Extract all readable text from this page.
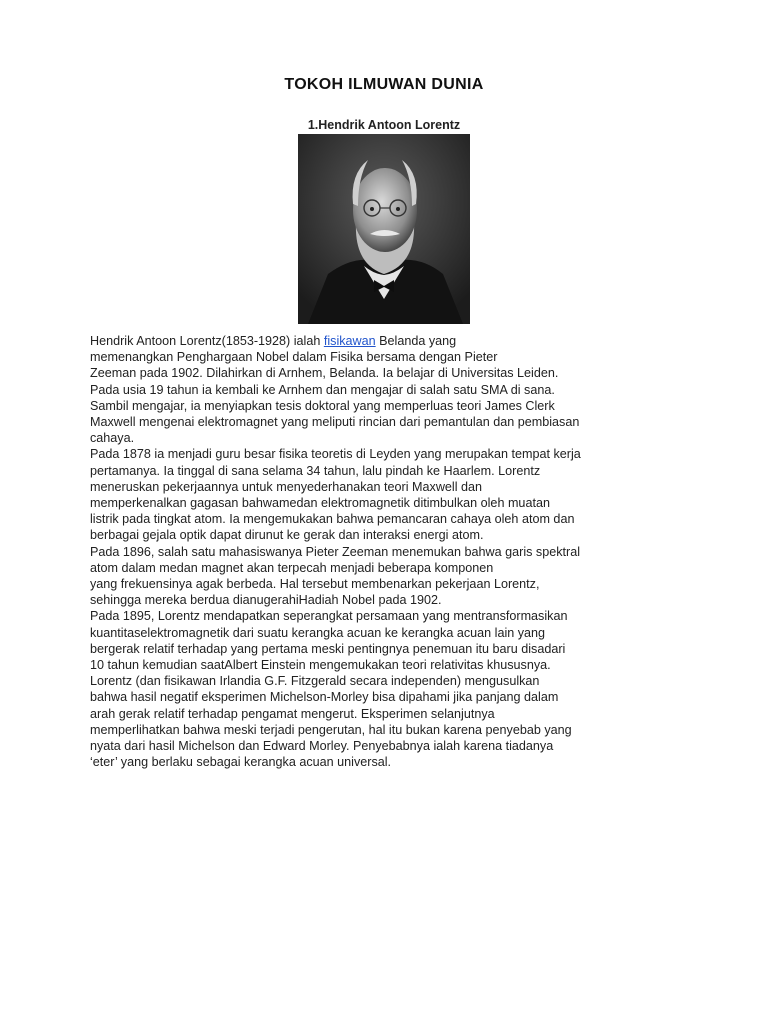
TOKOH ILMUWAN DUNIA
1.Hendrik Antoon Lorentz
Hendrik Antoon Lorentz(1853-1928) ialah fisikawan Belanda yang
memenangkan Penghargaan Nobel dalam Fisika bersama dengan Pieter
Zeeman pada 1902. Dilahirkan di Arnhem, Belanda. Ia belajar di Universitas Leiden.
Pada usia 19 tahun ia kembali ke Arnhem dan mengajar di salah satu SMA di sana.
Sambil mengajar, ia menyiapkan tesis doktoral yang memperluas teori James Clerk
Maxwell mengenai elektromagnet yang meliputi rincian dari pemantulan dan pembiasan
cahaya.
Pada 1878 ia menjadi guru besar fisika teoretis di Leyden yang merupakan tempat kerja
pertamanya. Ia tinggal di sana selama 34 tahun, lalu pindah ke Haarlem. Lorentz
meneruskan pekerjaannya untuk menyederhanakan teori Maxwell dan
memperkenalkan gagasan bahwamedan elektromagnetik ditimbulkan oleh muatan
listrik pada tingkat atom. Ia mengemukakan bahwa pemancaran cahaya oleh atom dan
berbagai gejala optik dapat dirunut ke gerak dan interaksi energi atom.
Pada 1896, salah satu mahasiswanya Pieter Zeeman menemukan bahwa garis spektral
atom dalam medan magnet akan terpecah menjadi beberapa komponen
yang frekuensinya agak berbeda. Hal tersebut membenarkan pekerjaan Lorentz,
sehingga mereka berdua dianugerahiHadiah Nobel pada 1902.
Pada 1895, Lorentz mendapatkan seperangkat persamaan yang mentransformasikan
kuantitaselektromagnetik dari suatu kerangka acuan ke kerangka acuan lain yang
bergerak relatif terhadap yang pertama meski pentingnya penemuan itu baru disadari
10 tahun kemudian saatAlbert Einstein mengemukakan teori relativitas khususnya.
Lorentz (dan fisikawan Irlandia G.F. Fitzgerald secara independen) mengusulkan
bahwa hasil negatif eksperimen Michelson-Morley bisa dipahami jika panjang dalam
arah gerak relatif terhadap pengamat mengerut. Eksperimen selanjutnya
memperlihatkan bahwa meski terjadi pengerutan, hal itu bukan karena penyebab yang
nyata dari hasil Michelson dan Edward Morley. Penyebabnya ialah karena tiadanya
‘eter’ yang berlaku sebagai kerangka acuan universal.
